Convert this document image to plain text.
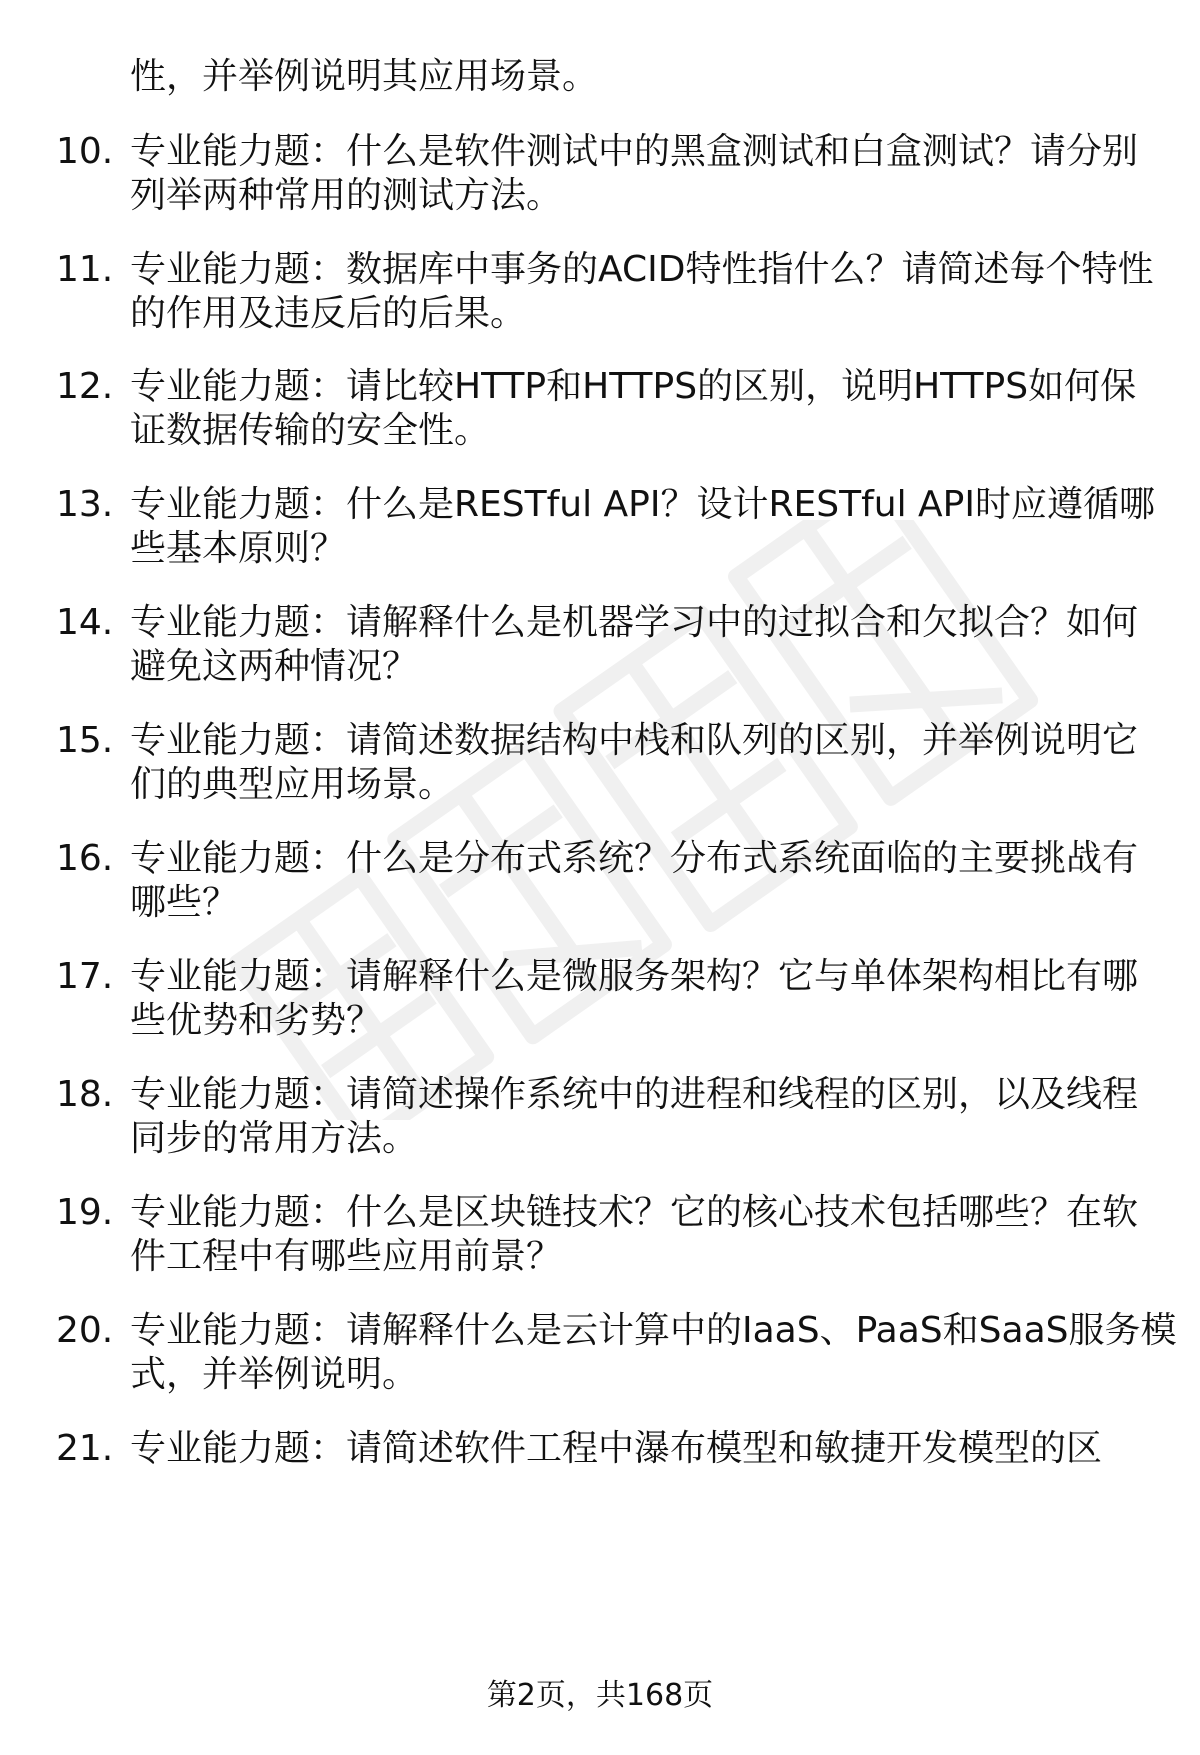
性，并举例说明其应用场景。
10. 专业能力题：什么是软件测试中的黑盒测试和白盒测试？请分别
列举两种常用的测试方法。
11. 专业能力题：数据库中事务的ACID特性指什么？请简述每个特性
的作用及违反后的后果。
12. 专业能力题：请比较HTTP和HTTPS的区别，说明HTTPS如何保
证数据传输的安全性。
13. 专业能力题：什么是RESTful API？设计RESTful API时应遵循哪
些基本原则？
14. 专业能力题：请解释什么是机器学习中的过拟合和欠拟合？如何
避免这两种情况？
15. 专业能力题：请简述数据结构中栈和队列的区别，并举例说明它
们的典型应用场景。
16. 专业能力题：什么是分布式系统？分布式系统面临的主要挑战有
哪些？
17. 专业能力题：请解释什么是微服务架构？它与单体架构相比有哪
些优势和劣势？
18. 专业能力题：请简述操作系统中的进程和线程的区别，以及线程
同步的常用方法。
19. 专业能力题：什么是区块链技术？它的核心技术包括哪些？在软
件工程中有哪些应用前景？
20. 专业能力题：请解释什么是云计算中的IaaS、PaaS和SaaS服务模
式，并举例说明。
21. 专业能力题：请简述软件工程中瀑布模型和敏捷开发模型的区
第2页，共168页
